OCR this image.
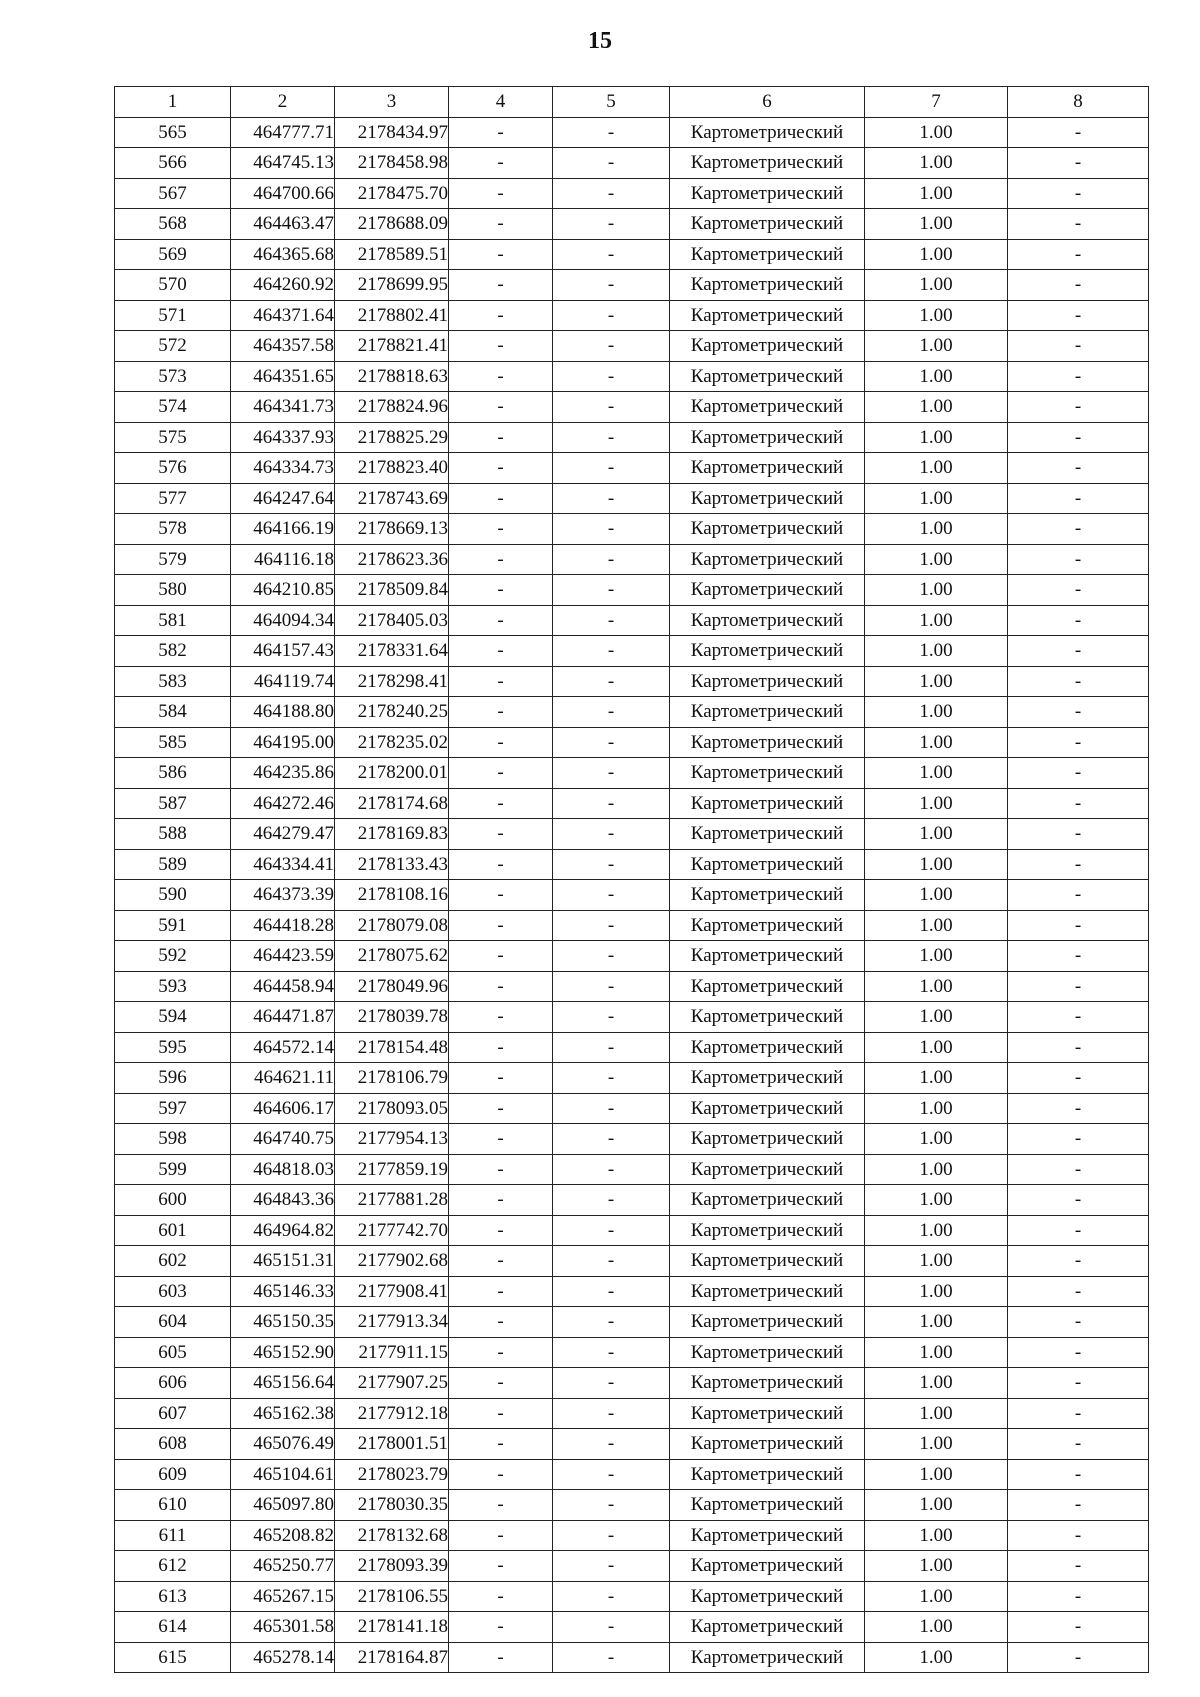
15
1	2	3	4	5	6	7	8
565	464777.71	2178434.97	-	-	Картометрический	1.00	-
566	464745.13	2178458.98	-	-	Картометрический	1.00	-
567	464700.66	2178475.70	-	-	Картометрический	1.00	-
568	464463.47	2178688.09	-	-	Картометрический	1.00	-
569	464365.68	2178589.51	-	-	Картометрический	1.00	-
570	464260.92	2178699.95	-	-	Картометрический	1.00	-
571	464371.64	2178802.41	-	-	Картометрический	1.00	-
572	464357.58	2178821.41	-	-	Картометрический	1.00	-
573	464351.65	2178818.63	-	-	Картометрический	1.00	-
574	464341.73	2178824.96	-	-	Картометрический	1.00	-
575	464337.93	2178825.29	-	-	Картометрический	1.00	-
576	464334.73	2178823.40	-	-	Картометрический	1.00	-
577	464247.64	2178743.69	-	-	Картометрический	1.00	-
578	464166.19	2178669.13	-	-	Картометрический	1.00	-
579	464116.18	2178623.36	-	-	Картометрический	1.00	-
580	464210.85	2178509.84	-	-	Картометрический	1.00	-
581	464094.34	2178405.03	-	-	Картометрический	1.00	-
582	464157.43	2178331.64	-	-	Картометрический	1.00	-
583	464119.74	2178298.41	-	-	Картометрический	1.00	-
584	464188.80	2178240.25	-	-	Картометрический	1.00	-
585	464195.00	2178235.02	-	-	Картометрический	1.00	-
586	464235.86	2178200.01	-	-	Картометрический	1.00	-
587	464272.46	2178174.68	-	-	Картометрический	1.00	-
588	464279.47	2178169.83	-	-	Картометрический	1.00	-
589	464334.41	2178133.43	-	-	Картометрический	1.00	-
590	464373.39	2178108.16	-	-	Картометрический	1.00	-
591	464418.28	2178079.08	-	-	Картометрический	1.00	-
592	464423.59	2178075.62	-	-	Картометрический	1.00	-
593	464458.94	2178049.96	-	-	Картометрический	1.00	-
594	464471.87	2178039.78	-	-	Картометрический	1.00	-
595	464572.14	2178154.48	-	-	Картометрический	1.00	-
596	464621.11	2178106.79	-	-	Картометрический	1.00	-
597	464606.17	2178093.05	-	-	Картометрический	1.00	-
598	464740.75	2177954.13	-	-	Картометрический	1.00	-
599	464818.03	2177859.19	-	-	Картометрический	1.00	-
600	464843.36	2177881.28	-	-	Картометрический	1.00	-
601	464964.82	2177742.70	-	-	Картометрический	1.00	-
602	465151.31	2177902.68	-	-	Картометрический	1.00	-
603	465146.33	2177908.41	-	-	Картометрический	1.00	-
604	465150.35	2177913.34	-	-	Картометрический	1.00	-
605	465152.90	2177911.15	-	-	Картометрический	1.00	-
606	465156.64	2177907.25	-	-	Картометрический	1.00	-
607	465162.38	2177912.18	-	-	Картометрический	1.00	-
608	465076.49	2178001.51	-	-	Картометрический	1.00	-
609	465104.61	2178023.79	-	-	Картометрический	1.00	-
610	465097.80	2178030.35	-	-	Картометрический	1.00	-
611	465208.82	2178132.68	-	-	Картометрический	1.00	-
612	465250.77	2178093.39	-	-	Картометрический	1.00	-
613	465267.15	2178106.55	-	-	Картометрический	1.00	-
614	465301.58	2178141.18	-	-	Картометрический	1.00	-
615	465278.14	2178164.87	-	-	Картометрический	1.00	-
